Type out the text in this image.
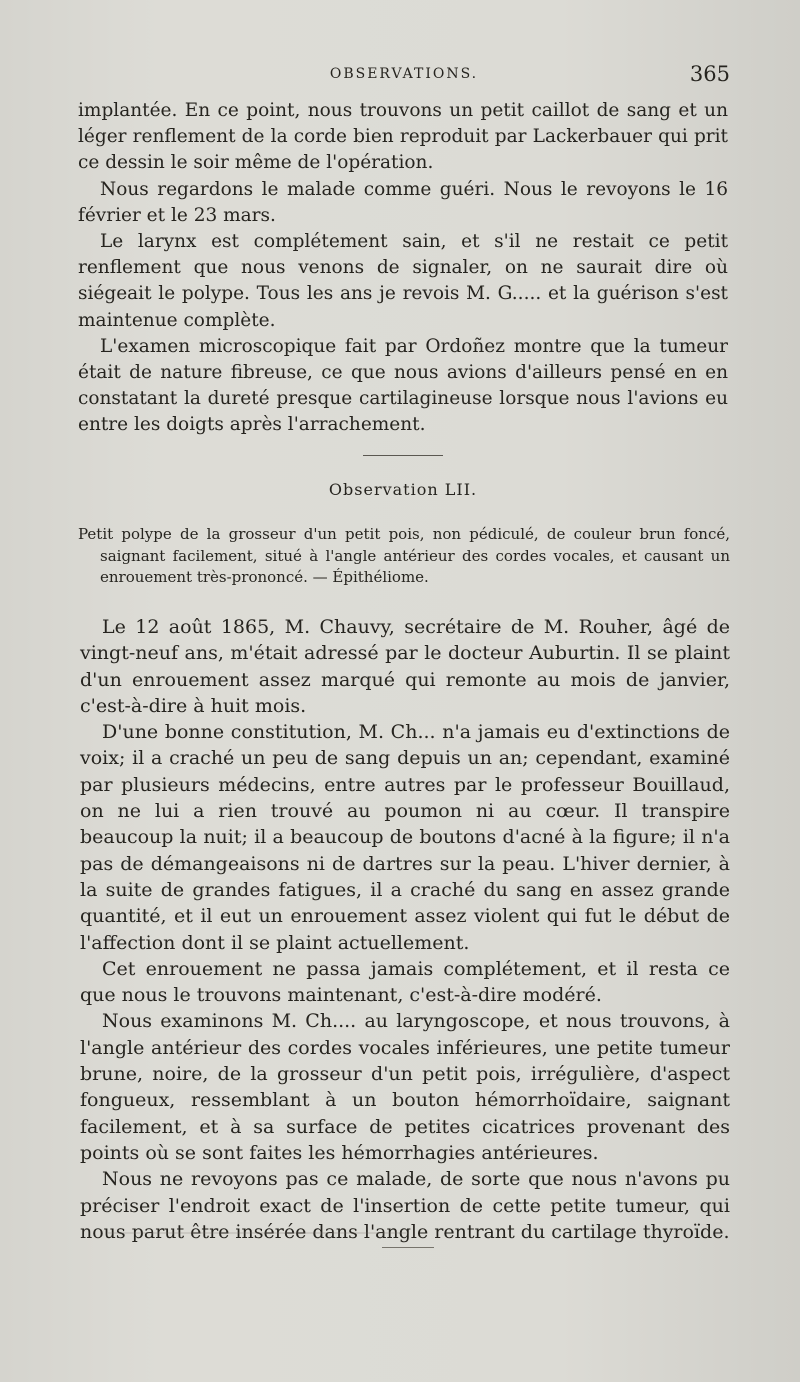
OBSERVATIONS.	365

implantée. En ce point, nous trouvons un petit caillot de sang et un léger renflement de la corde bien reproduit par Lackerbauer qui prit ce dessin le soir même de l'opération.

Nous regardons le malade comme guéri. Nous le revoyons le 16 février et le 23 mars.

Le larynx est complétement sain, et s'il ne restait ce petit renflement que nous venons de signaler, on ne saurait dire où siégeait le polype. Tous les ans je revois M. G..... et la guérison s'est maintenue complète.

L'examen microscopique fait par Ordoñez montre que la tumeur était de nature fibreuse, ce que nous avions d'ailleurs pensé en en constatant la dureté presque cartilagineuse lorsque nous l'avions eu entre les doigts après l'arrachement.

Observation LII.
Petit polype de la grosseur d'un petit pois, non pédiculé, de couleur brun foncé, saignant facilement, situé à l'angle antérieur des cordes vocales, et causant un enrouement très-prononcé. — Épithéliome.

Le 12 août 1865, M. Chauvy, secrétaire de M. Rouher, âgé de vingt-neuf ans, m'était adressé par le docteur Auburtin. Il se plaint d'un enrouement assez marqué qui remonte au mois de janvier, c'est-à-dire à huit mois.

D'une bonne constitution, M. Ch... n'a jamais eu d'extinctions de voix; il a craché un peu de sang depuis un an; cependant, examiné par plusieurs médecins, entre autres par le professeur Bouillaud, on ne lui a rien trouvé au poumon ni au cœur. Il transpire beaucoup la nuit; il a beaucoup de boutons d'acné à la figure; il n'a pas de démangeaisons ni de dartres sur la peau. L'hiver dernier, à la suite de grandes fatigues, il a craché du sang en assez grande quantité, et il eut un enrouement assez violent qui fut le début de l'affection dont il se plaint actuellement.

Cet enrouement ne passa jamais complétement, et il resta ce que nous le trouvons maintenant, c'est-à-dire modéré.

Nous examinons M. Ch.... au laryngoscope, et nous trouvons, à l'angle antérieur des cordes vocales inférieures, une petite tumeur brune, noire, de la grosseur d'un petit pois, irrégulière, d'aspect fongueux, ressemblant à un bouton hémorrhoïdaire, saignant facilement, et à sa surface de petites cicatrices provenant des points où se sont faites les hémorrhagies antérieures.

Nous ne revoyons pas ce malade, de sorte que nous n'avons pu préciser l'endroit exact de l'insertion de cette petite tumeur, qui nous parut être insérée dans l'angle rentrant du cartilage thyroïde.
